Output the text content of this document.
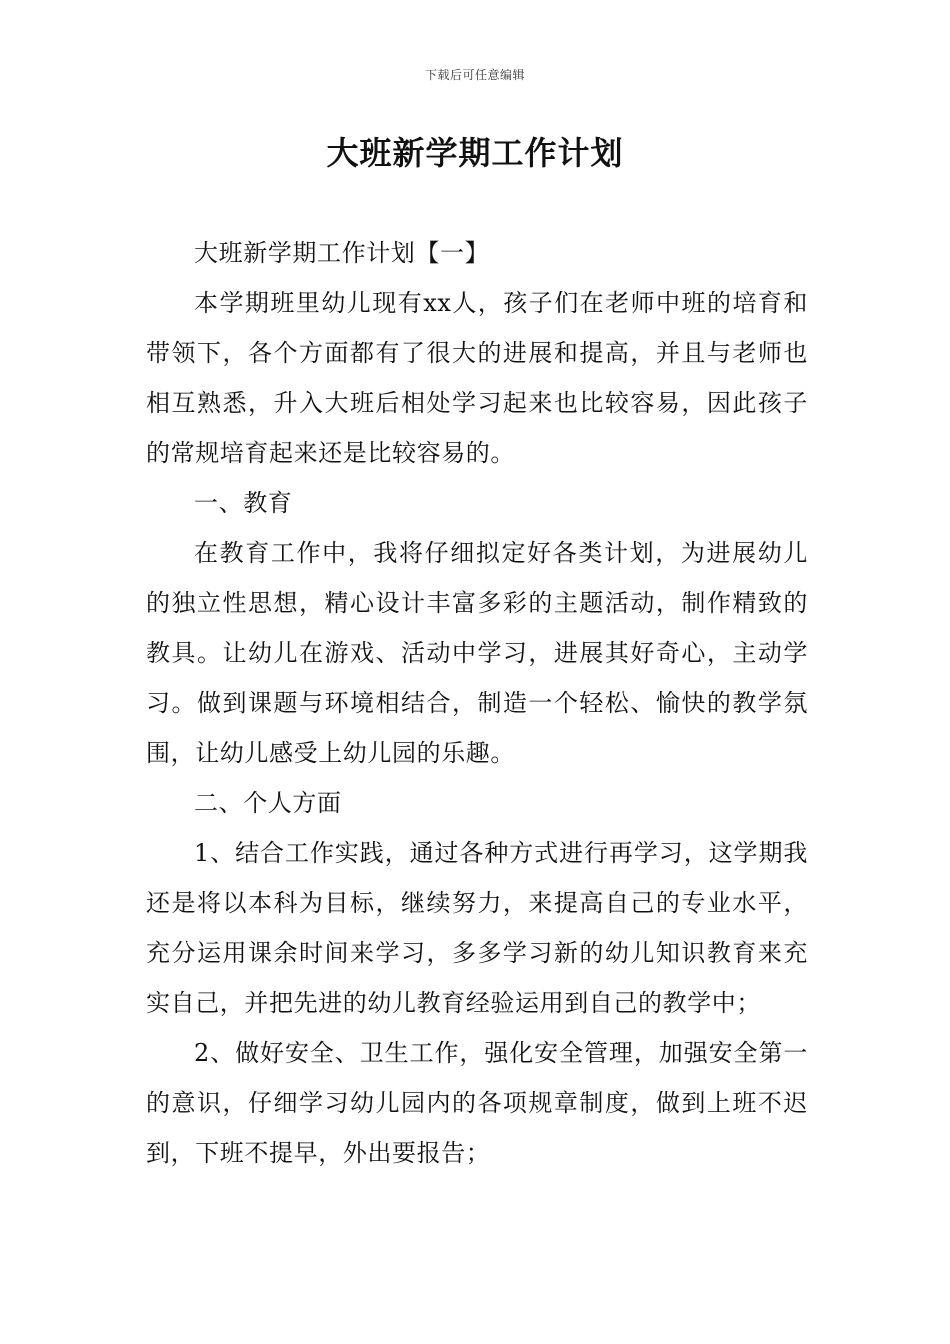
下载后可任意编辑
大班新学期工作计划

大班新学期工作计划【一】

本学期班里幼儿现有xx人，孩子们在老师中班的培育和带领下，各个方面都有了很大的进展和提高，并且与老师也相互熟悉，升入大班后相处学习起来也比较容易，因此孩子的常规培育起来还是比较容易的。

一、教育

在教育工作中，我将仔细拟定好各类计划，为进展幼儿的独立性思想，精心设计丰富多彩的主题活动，制作精致的教具。让幼儿在游戏、活动中学习，进展其好奇心，主动学习。做到课题与环境相结合，制造一个轻松、愉快的教学氛围，让幼儿感受上幼儿园的乐趣。

二、个人方面

1、结合工作实践，通过各种方式进行再学习，这学期我还是将以本科为目标，继续努力，来提高自己的专业水平，充分运用课余时间来学习，多多学习新的幼儿知识教育来充实自己，并把先进的幼儿教育经验运用到自己的教学中；

2、做好安全、卫生工作，强化安全管理，加强安全第一的意识，仔细学习幼儿园内的各项规章制度，做到上班不迟到，下班不提早，外出要报告；
